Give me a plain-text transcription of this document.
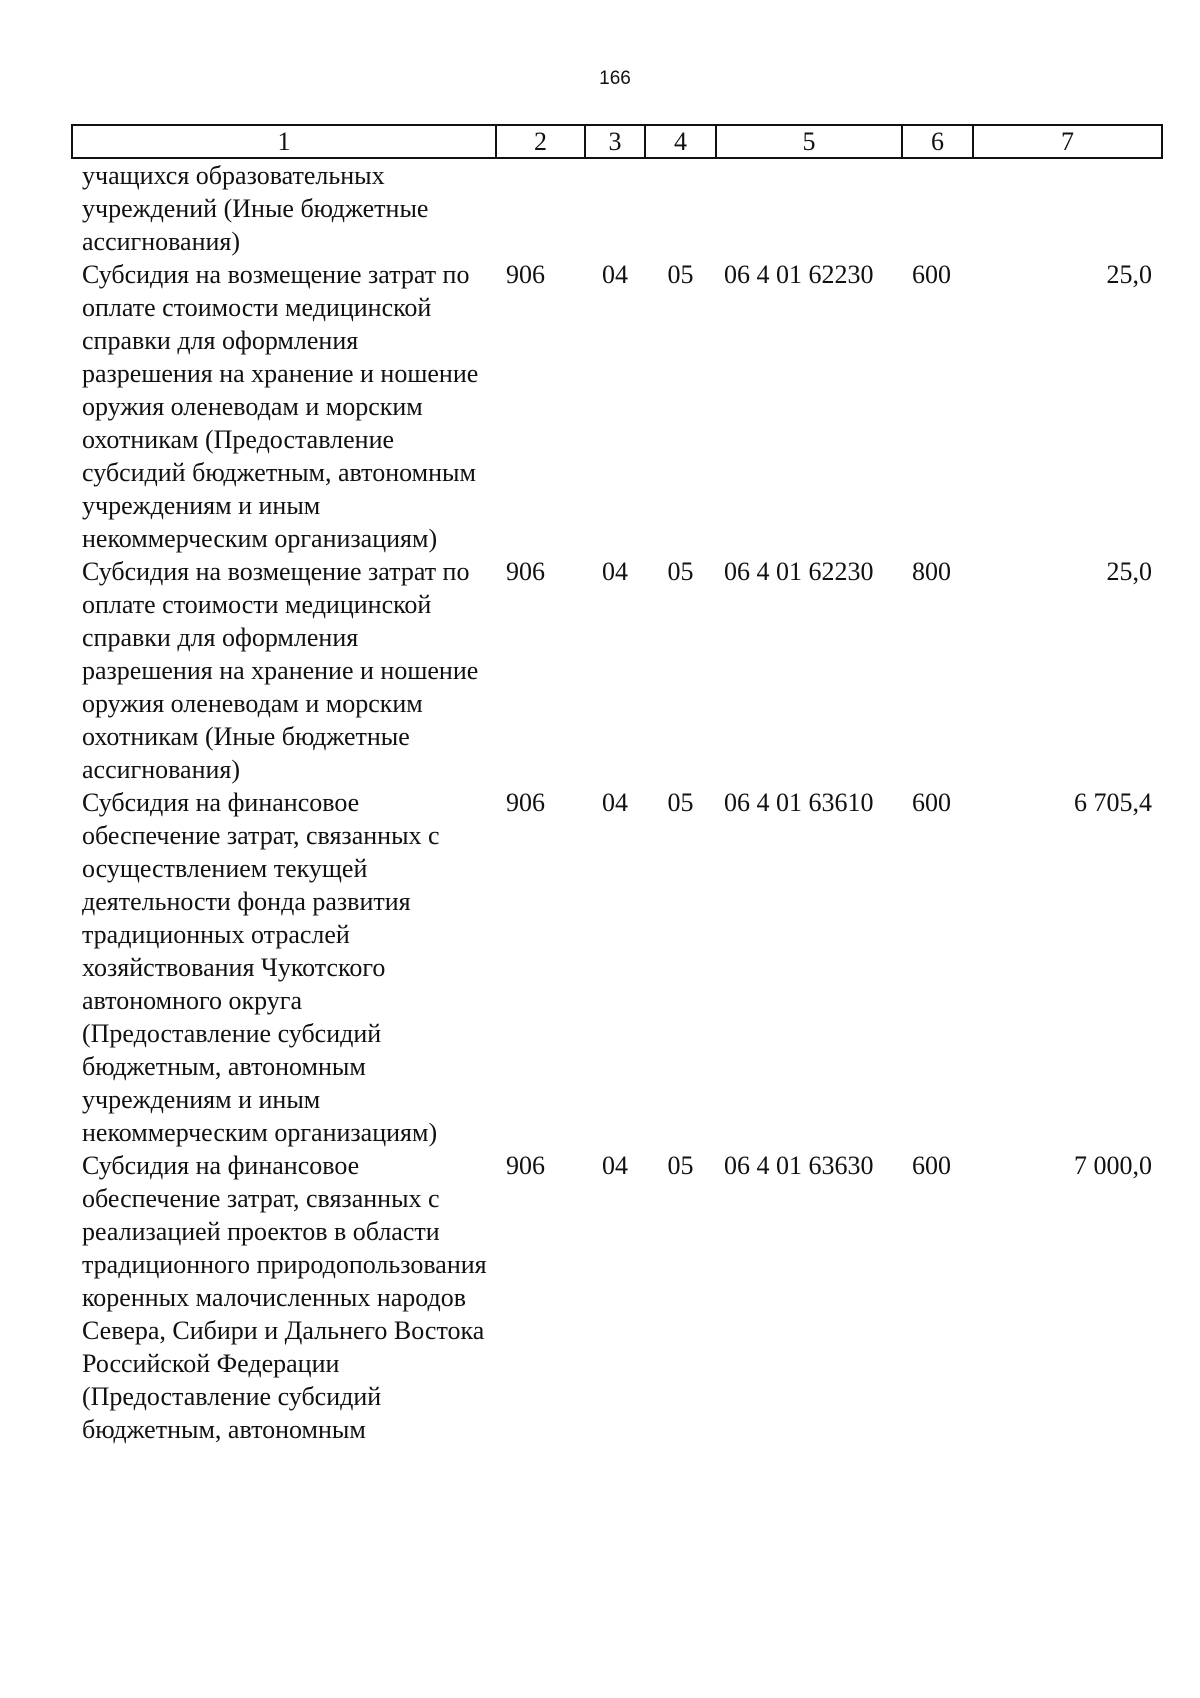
166
1	2	3	4	5	6	7
учащихся образовательных учреждений (Иные бюджетные ассигнования)						
Субсидия на возмещение затрат по оплате стоимости медицинской справки для оформления разрешения на хранение и ношение оружия оленеводам и морским охотникам (Предоставление субсидий бюджетным, автономным учреждениям и иным некоммерческим организациям)	906	04	05	06 4 01 62230	600	25,0
Субсидия на возмещение затрат по оплате стоимости медицинской справки для оформления разрешения на хранение и ношение оружия оленеводам и морским охотникам (Иные бюджетные ассигнования)	906	04	05	06 4 01 62230	800	25,0
Субсидия на финансовое обеспечение затрат, связанных с осуществлением текущей деятельности фонда развития традиционных отраслей хозяйствования Чукотского автономного округа (Предоставление субсидий бюджетным, автономным учреждениям и иным некоммерческим организациям)	906	04	05	06 4 01 63610	600	6 705,4
Субсидия на финансовое обеспечение затрат, связанных с реализацией проектов в области традиционного природопользования коренных малочисленных народов Севера, Сибири и Дальнего Востока Российской Федерации (Предоставление субсидий бюджетным, автономным	906	04	05	06 4 01 63630	600	7 000,0
